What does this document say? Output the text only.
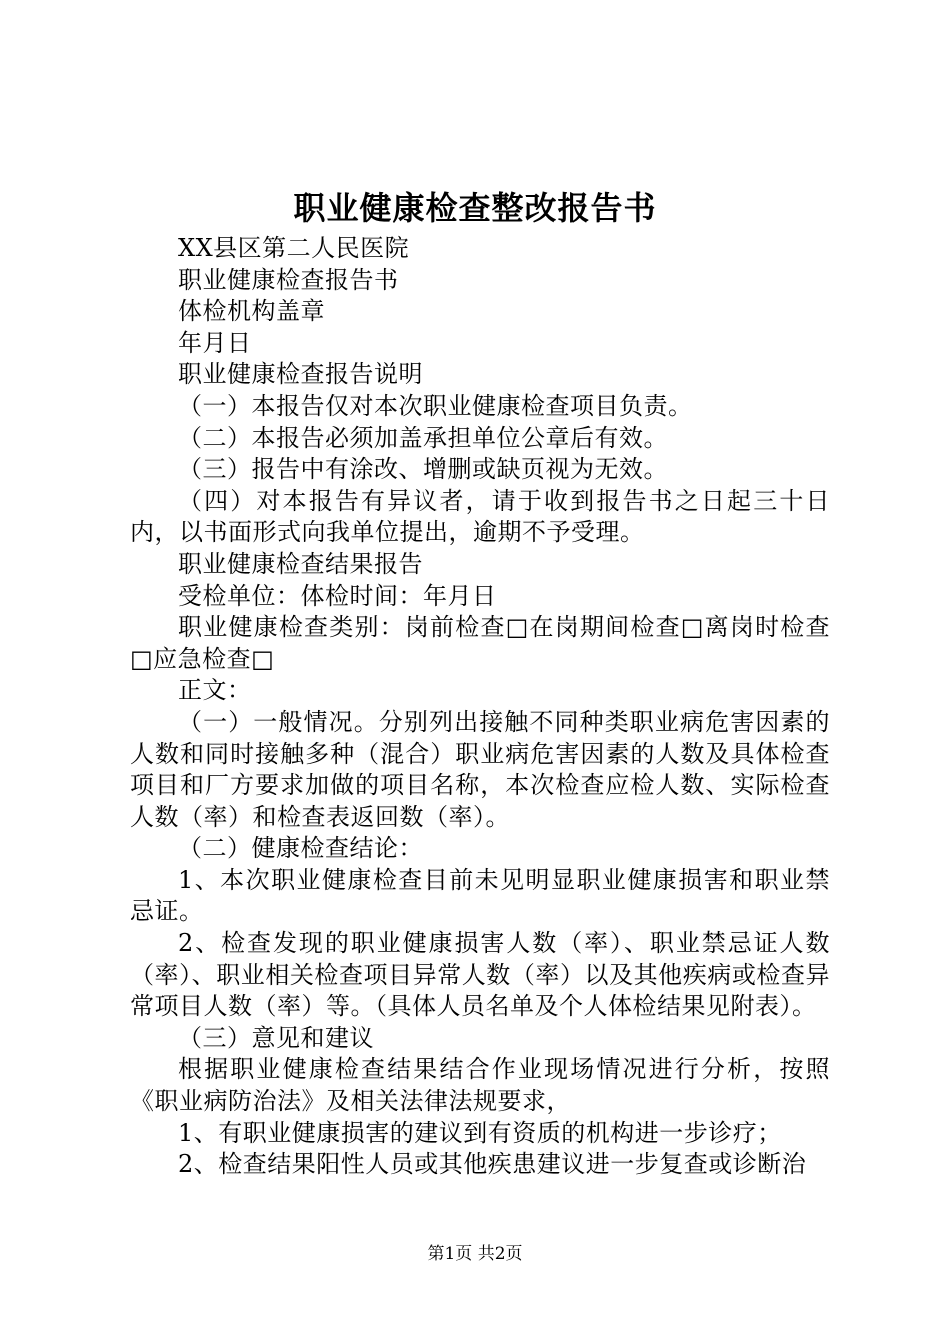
职业健康检查整改报告书

XX县区第二人民医院

职业健康检查报告书

体检机构盖章

年月日

职业健康检查报告说明

（一）本报告仅对本次职业健康检查项目负责。

（二）本报告必须加盖承担单位公章后有效。

（三）报告中有涂改、增删或缺页视为无效。

（四）对本报告有异议者，请于收到报告书之日起三十日内，以书面形式向我单位提出，逾期不予受理。

职业健康检查结果报告

受检单位：体检时间：年月日

职业健康检查类别：岗前检查□在岗期间检查□离岗时检查□应急检查□

正文：

（一）一般情况。分别列出接触不同种类职业病危害因素的人数和同时接触多种（混合）职业病危害因素的人数及具体检查项目和厂方要求加做的项目名称，本次检查应检人数、实际检查人数（率）和检查表返回数（率）。

（二）健康检查结论：

1、本次职业健康检查目前未见明显职业健康损害和职业禁忌证。

2、检查发现的职业健康损害人数（率）、职业禁忌证人数（率）、职业相关检查项目异常人数（率）以及其他疾病或检查异常项目人数（率）等。（具体人员名单及个人体检结果见附表）。

（三）意见和建议

根据职业健康检查结果结合作业现场情况进行分析，按照《职业病防治法》及相关法律法规要求，

1、有职业健康损害的建议到有资质的机构进一步诊疗；

2、检查结果阳性人员或其他疾患建议进一步复查或诊断治

第1页 共2页
